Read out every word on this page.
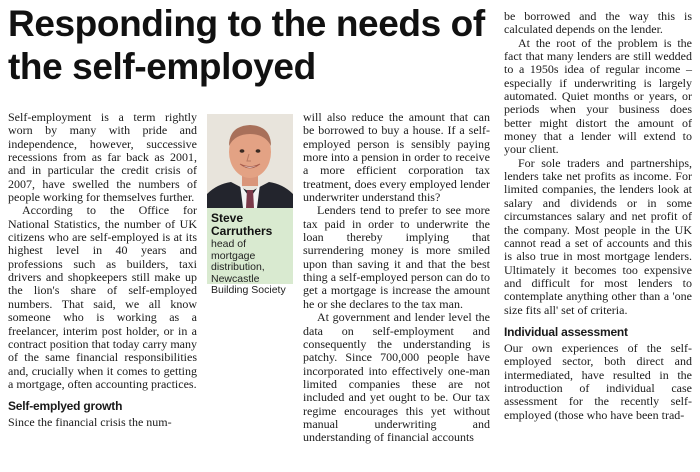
Responding to the needs of
the self-employed

Self-employment is a term rightly worn by many with pride and independence, however, successive recessions from as far back as 2001, and in particular the credit crisis of 2007, have swelled the numbers of people working for themselves further.

According to the Office for National Statistics, the number of UK citizens who are self-employed is at its highest level in 40 years and professions such as builders, taxi drivers and shopkeepers still make up the lion's share of self-employed numbers. That said, we all know someone who is working as a freelancer, interim post holder, or in a contract position that today carry many of the same financial responsibilities and, crucially when it comes to getting a mortgage, often accounting practices.

Self-emplyed growth

Since the financial crisis the num-

Steve
Carruthers
head of
mortgage
distribution,
Newcastle
Building Society

will also reduce the amount that can be borrowed to buy a house. If a self-employed person is sensibly paying more into a pension in order to receive a more efficient corporation tax treatment, does every employed lender underwriter understand this?

Lenders tend to prefer to see more tax paid in order to underwrite the loan thereby implying that surrendering money is more smiled upon than saving it and that the best thing a self-employed person can do to get a mortgage is increase the amount he or she declares to the tax man.

At government and lender level the data on self-employment and consequently the understanding is patchy. Since 700,000 people have incorporated into effectively one-man limited companies these are not included and yet ought to be. Our tax regime encourages this yet without manual underwriting and understanding of financial accounts

be borrowed and the way this is calculated depends on the lender.

At the root of the problem is the fact that many lenders are still wedded to a 1950s idea of regular income – especially if underwriting is largely automated. Quiet months or years, or periods when your business does better might distort the amount of money that a lender will extend to your client.

For sole traders and partnerships, lenders take net profits as income. For limited companies, the lenders look at salary and dividends or in some circumstances salary and net profit of the company. Most people in the UK cannot read a set of accounts and this is also true in most mortgage lenders. Ultimately it becomes too expensive and difficult for most lenders to contemplate anything other than a 'one size fits all' set of criteria.

Individual assessment

Our own experiences of the self-employed sector, both direct and intermediated, have resulted in the introduction of individual case assessment for the recently self-employed (those who have been trad-
